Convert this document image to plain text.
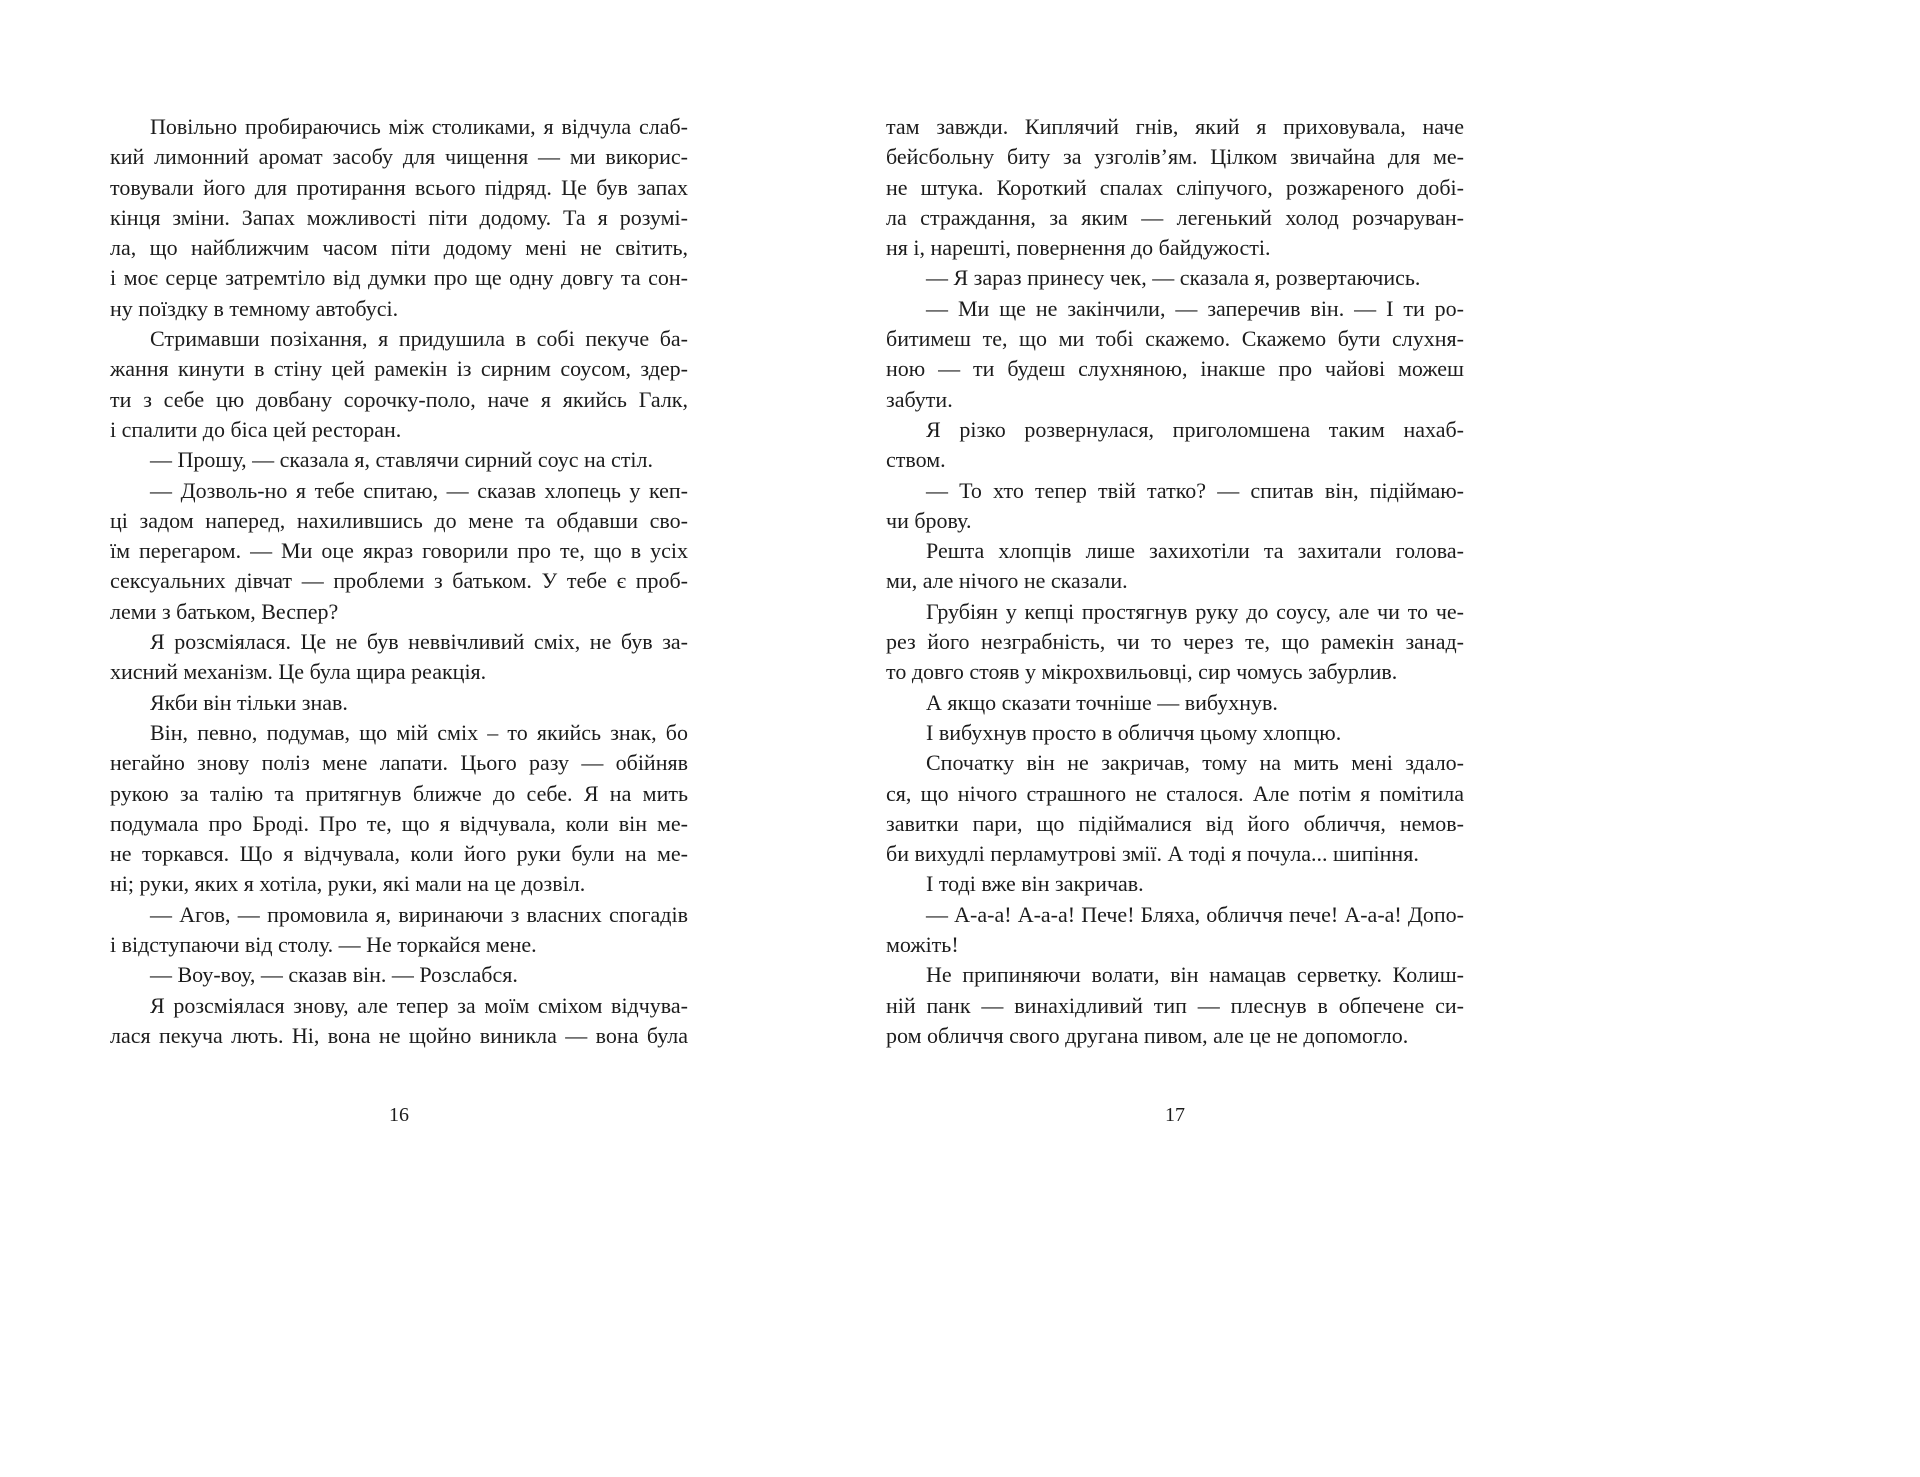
Повільно пробираючись між столиками, я відчула слаб-
кий лимонний аромат засобу для чищення — ми викорис-
товували його для протирання всього підряд. Це був запах
кінця зміни. Запах можливості піти додому. Та я розумі-
ла, що найближчим часом піти додому мені не світить,
і моє серце затремтіло від думки про ще одну довгу та сон-
ну поїздку в темному автобусі.

Стримавши позіхання, я придушила в собі пекуче ба-
жання кинути в стіну цей рамекін із сирним соусом, здер-
ти з себе цю довбану сорочку-поло, наче я якийсь Галк,
і спалити до біса цей ресторан.

— Прошу, — сказала я, ставлячи сирний соус на стіл.

— Дозволь-но я тебе спитаю, — сказав хлопець у кеп-
ці задом наперед, нахилившись до мене та обдавши сво-
їм перегаром. — Ми оце якраз говорили про те, що в усіх
сексуальних дівчат — проблеми з батьком. У тебе є проб-
леми з батьком, Веспер?

Я розсміялася. Це не був неввічливий сміх, не був за-
хисний механізм. Це була щира реакція.

Якби він тільки знав.

Він, певно, подумав, що мій сміх – то якийсь знак, бо
негайно знову поліз мене лапати. Цього разу — обійняв
рукою за талію та притягнув ближче до себе. Я на мить
подумала про Броді. Про те, що я відчувала, коли він ме-
не торкався. Що я відчувала, коли його руки були на ме-
ні; руки, яких я хотіла, руки, які мали на це дозвіл.

— Агов, — промовила я, виринаючи з власних спогадів
і відступаючи від столу. — Не торкайся мене.

— Воу-воу, — сказав він. — Розслабся.

Я розсміялася знову, але тепер за моїм сміхом відчува-
лася пекуча лють. Ні, вона не щойно виникла — вона була

16

там завжди. Киплячий гнів, який я приховувала, наче
бейсбольну биту за узголів’ям. Цілком звичайна для ме-
не штука. Короткий спалах сліпучого, розжареного добі-
ла страждання, за яким — легенький холод розчаруван-
ня і, нарешті, повернення до байдужості.

— Я зараз принесу чек, — сказала я, розвертаючись.

— Ми ще не закінчили, — заперечив він. — І ти ро-
битимеш те, що ми тобі скажемо. Скажемо бути слухня-
ною — ти будеш слухняною, інакше про чайові можеш
забути.

Я різко розвернулася, приголомшена таким нахаб-
ством.

— То хто тепер твій татко? — спитав він, підіймаю-
чи брову.

Решта хлопців лише захихотіли та захитали голова-
ми, але нічого не сказали.

Грубіян у кепці простягнув руку до соусу, але чи то че-
рез його незграбність, чи то через те, що рамекін занад-
то довго стояв у мікрохвильовці, сир чомусь забурлив.

А якщо сказати точніше — вибухнув.

І вибухнув просто в обличчя цьому хлопцю.

Спочатку він не закричав, тому на мить мені здало-
ся, що нічого страшного не сталося. Але потім я помітила
завитки пари, що підіймалися від його обличчя, немов-
би вихудлі перламутрові змії. А тоді я почула... шипіння.

І тоді вже він закричав.

— А-а-а! А-а-а! Пече! Бляха, обличчя пече! А-а-а! Допо-
можіть!

Не припиняючи волати, він намацав серветку. Колиш-
ній панк — винахідливий тип — плеснув в обпечене си-
ром обличчя свого другана пивом, але це не допомогло.

17
